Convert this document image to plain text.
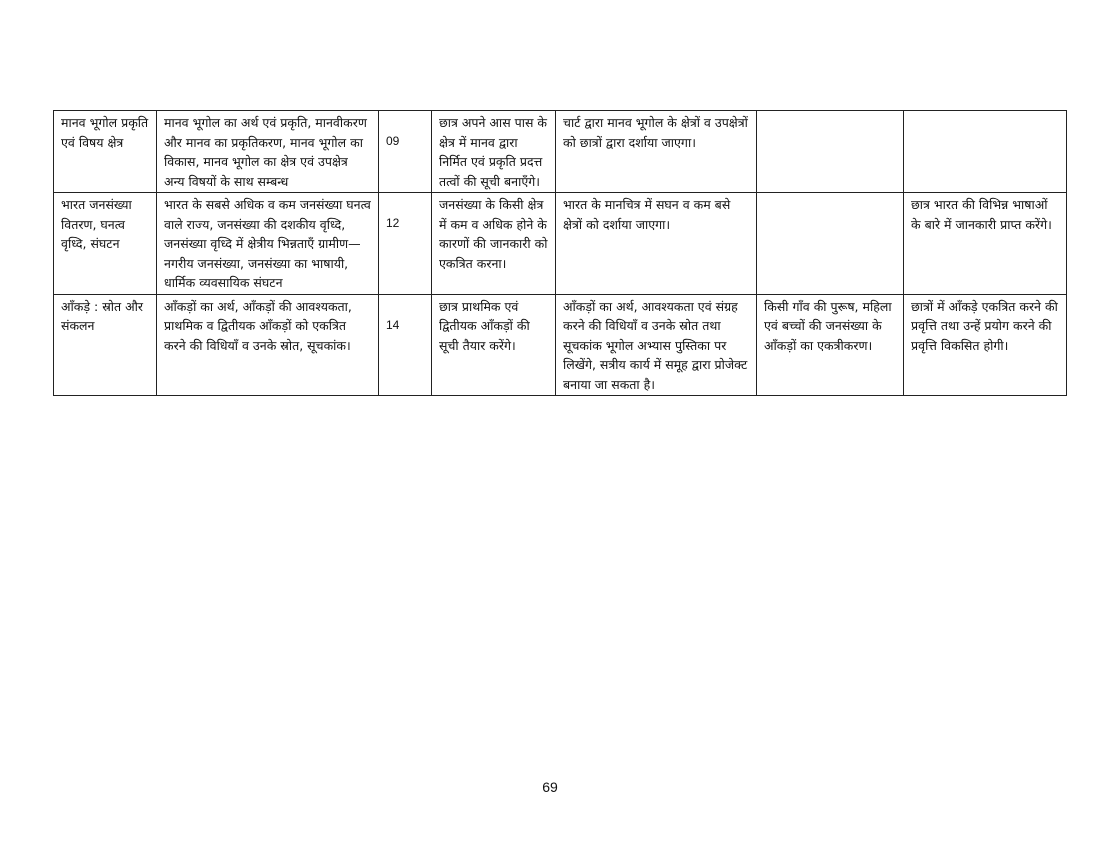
मानव भूगोल प्रकृति एवं विषय क्षेत्र	मानव भूगोल का अर्थ एवं प्रकृति, मानवीकरण और मानव का प्रकृतिकरण, मानव भूगोल का विकास, मानव भूगोल का क्षेत्र एवं उपक्षेत्र अन्य विषयों के साथ सम्बन्ध	09	छात्र अपने आस पास के क्षेत्र में मानव द्वारा निर्मित एवं प्रकृति प्रदत्त तत्वों की सूची बनाएँगे।	चार्ट द्वारा मानव भूगोल के क्षेत्रों व उपक्षेत्रों को छात्रों द्वारा दर्शाया जाएगा।		
भारत जनसंख्या वितरण, घनत्व वृध्दि, संघटन	भारत के सबसे अधिक व कम जनसंख्या घनत्व वाले राज्य, जनसंख्या की दशकीय वृध्दि, जनसंख्या वृध्दि में क्षेत्रीय भिन्नताएँ ग्रामीण—नगरीय जनसंख्या, जनसंख्या का भाषायी, धार्मिक व्यवसायिक संघटन	12	जनसंख्या के किसी क्षेत्र में कम व अधिक होने के कारणों की जानकारी को एकत्रित करना।	भारत के मानचित्र में सघन व कम बसे क्षेत्रों को दर्शाया जाएगा।		छात्र भारत की विभिन्न भाषाओं के बारे में जानकारी प्राप्त करेंगे।
आँकड़े : स्रोत और संकलन	आँकड़ों का अर्थ, आँकड़ों की आवश्यकता, प्राथमिक व द्वितीयक आँकड़ों को एकत्रित करने की विधियाँ व उनके स्रोत, सूचकांक।	14	छात्र प्राथमिक एवं द्वितीयक आँकड़ों की सूची तैयार करेंगे।	आँकड़ों का अर्थ, आवश्यकता एवं संग्रह करने की विधियाँ व उनके स्रोत तथा सूचकांक भूगोल अभ्यास पुस्तिका पर लिखेंगे, सत्रीय कार्य में समूह द्वारा प्रोजेक्ट बनाया जा सकता है।	किसी गाँव की पुरूष, महिला एवं बच्चों की जनसंख्या के आँकड़ों का एकत्रीकरण।	छात्रों में आँकड़े एकत्रित करने की प्रवृत्ति तथा उन्हें प्रयोग करने की प्रवृत्ति विकसित होगी।
69
